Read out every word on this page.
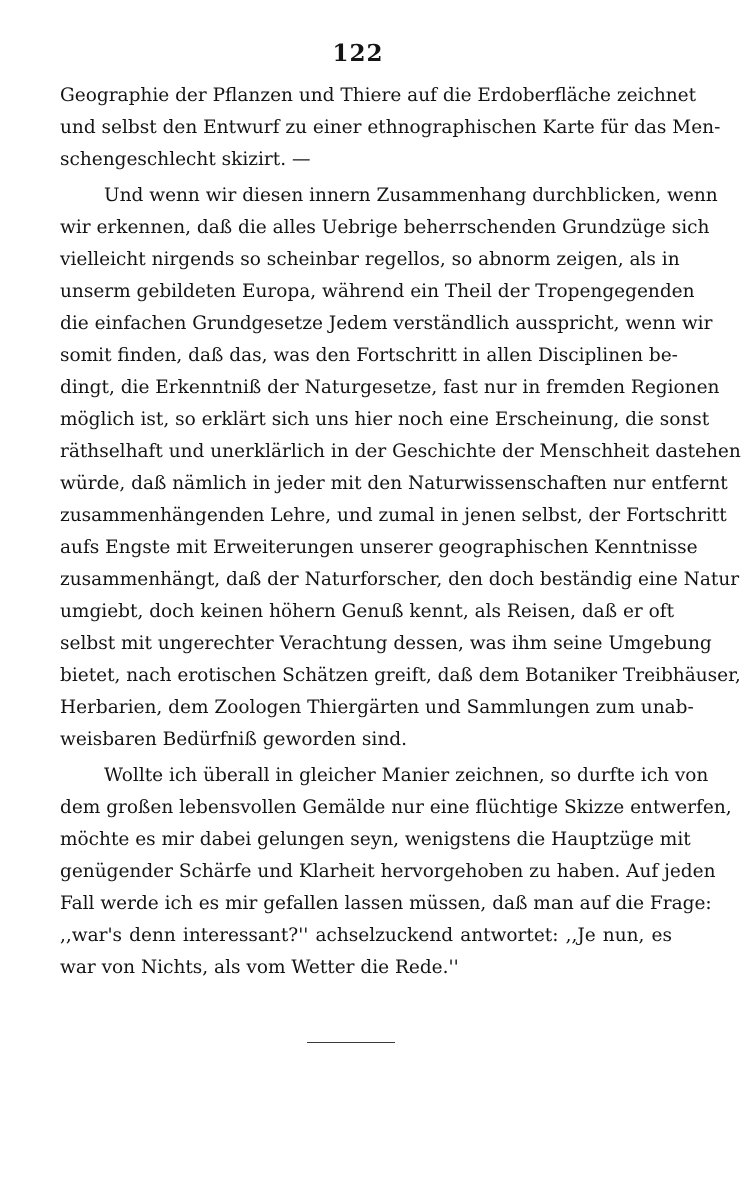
122
Geographie der Pflanzen und Thiere auf die Erdoberfläche zeichnet
und selbst den Entwurf zu einer ethnographischen Karte für das Men-
schengeschlecht skizirt. —
Und wenn wir diesen innern Zusammenhang durchblicken, wenn
wir erkennen, daß die alles Uebrige beherrschenden Grundzüge sich
vielleicht nirgends so scheinbar regellos, so abnorm zeigen, als in
unserm gebildeten Europa, während ein Theil der Tropengegenden
die einfachen Grundgesetze Jedem verständlich ausspricht, wenn wir
somit finden, daß das, was den Fortschritt in allen Disciplinen be-
dingt, die Erkenntniß der Naturgesetze, fast nur in fremden Regionen
möglich ist, so erklärt sich uns hier noch eine Erscheinung, die sonst
räthselhaft und unerklärlich in der Geschichte der Menschheit dastehen
würde, daß nämlich in jeder mit den Naturwissenschaften nur entfernt
zusammenhängenden Lehre, und zumal in jenen selbst, der Fortschritt
aufs Engste mit Erweiterungen unserer geographischen Kenntnisse
zusammenhängt, daß der Naturforscher, den doch beständig eine Natur
umgiebt, doch keinen höhern Genuß kennt, als Reisen, daß er oft
selbst mit ungerechter Verachtung dessen, was ihm seine Umgebung
bietet, nach erotischen Schätzen greift, daß dem Botaniker Treibhäuser,
Herbarien, dem Zoologen Thiergärten und Sammlungen zum unab-
weisbaren Bedürfniß geworden sind.
Wollte ich überall in gleicher Manier zeichnen, so durfte ich von
dem großen lebensvollen Gemälde nur eine flüchtige Skizze entwerfen,
möchte es mir dabei gelungen seyn, wenigstens die Hauptzüge mit
genügender Schärfe und Klarheit hervorgehoben zu haben. Auf jeden
Fall werde ich es mir gefallen lassen müssen, daß man auf die Frage:
,,war's denn interessant?'' achselzuckend antwortet: ,,Je nun, es
war von Nichts, als vom Wetter die Rede.''
